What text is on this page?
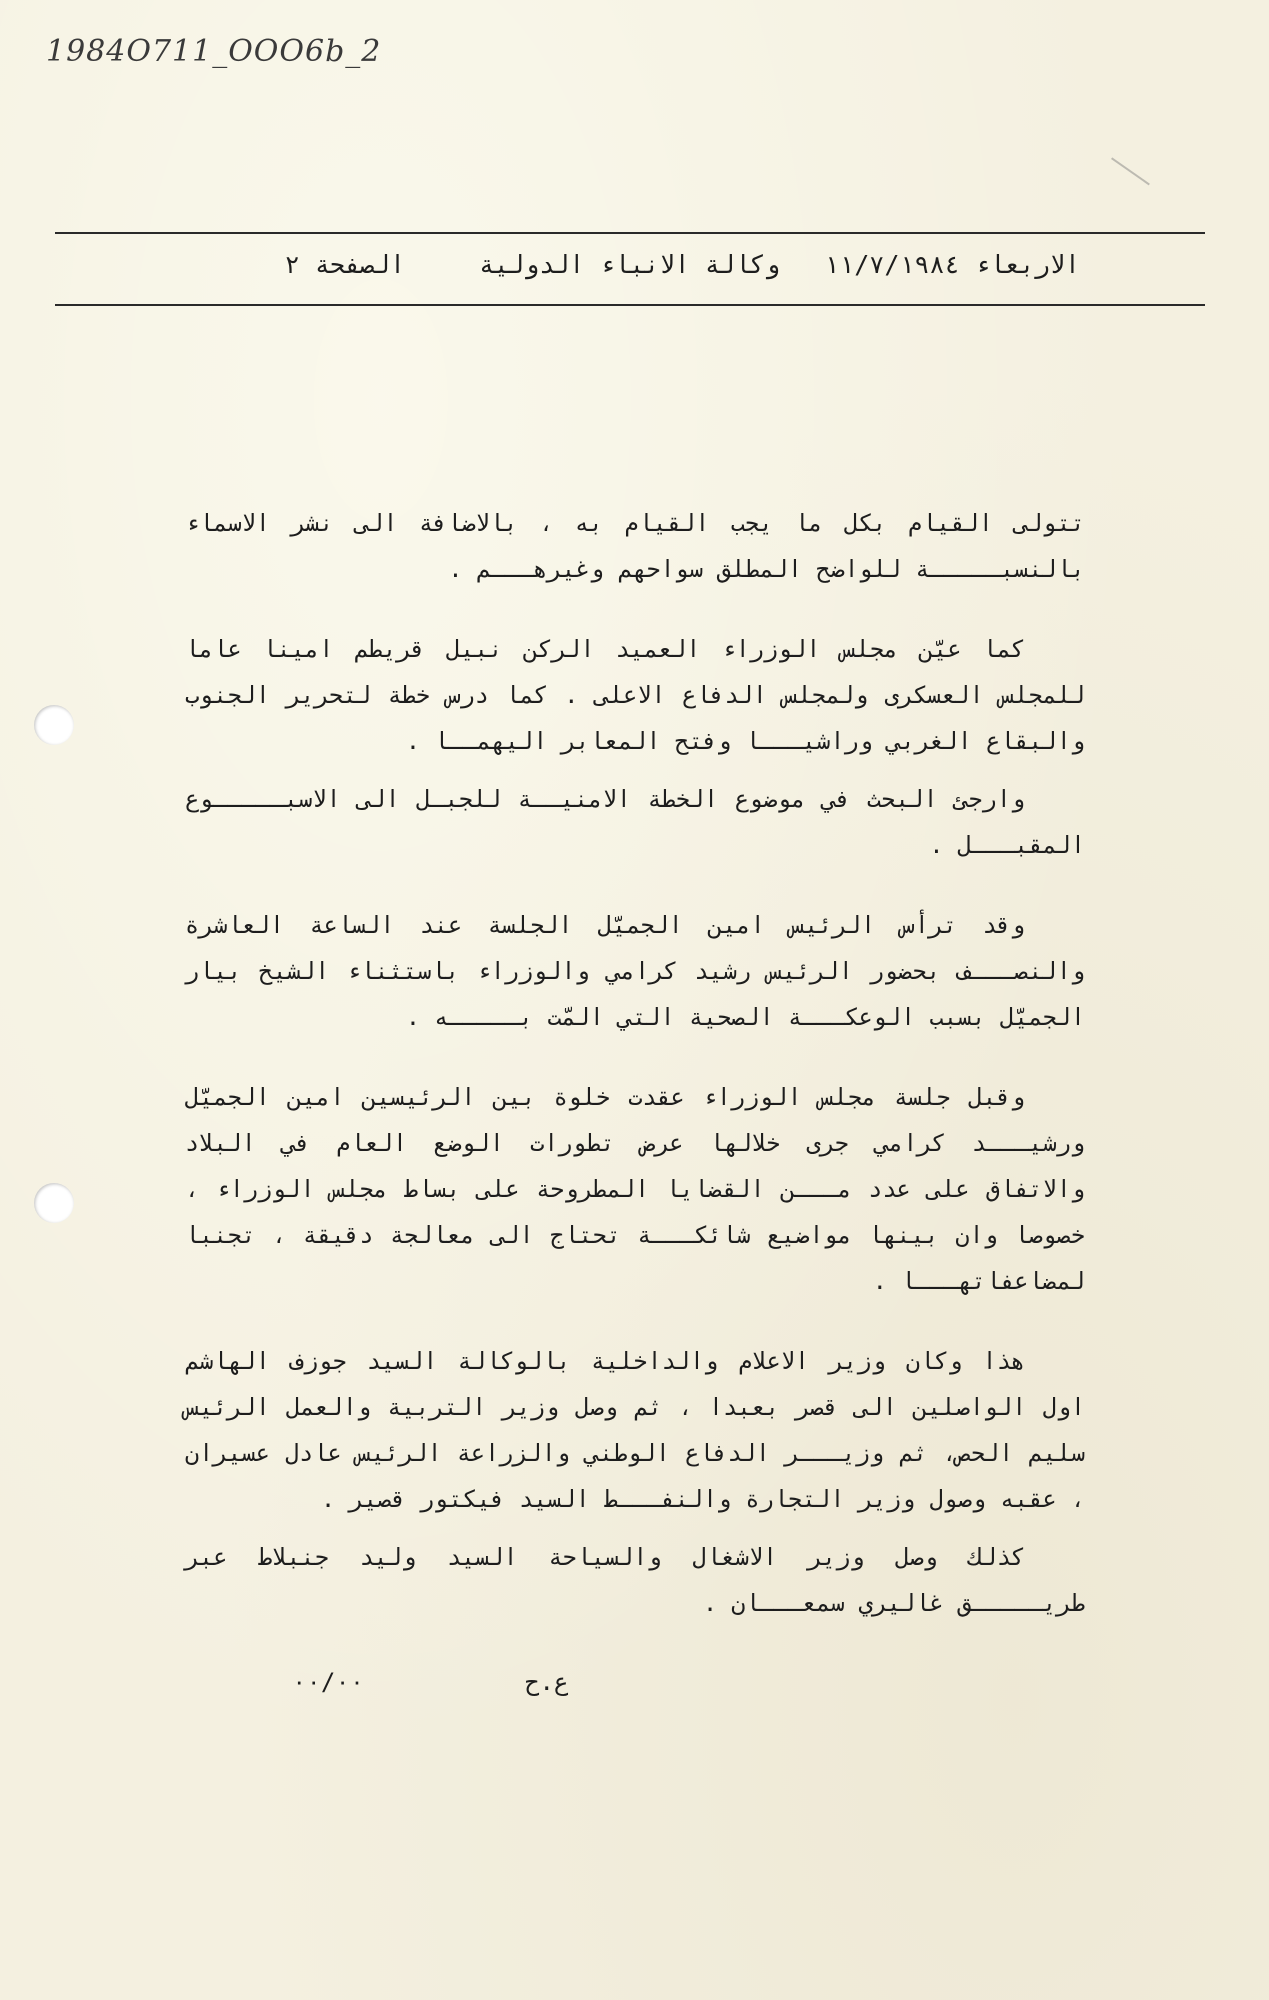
1984O711_OOO6b_2
الاربعاء ١١/٧/١٩٨٤
وكالة الانباء الدولية
الصفحة ٢

تتولى القيام بكل ما يجب القيام به ، بالاضافة الى نشر الاسماء بالنسبـــــة للواضح المطلق سواحهم وغيرهـــم .

كما عيّن مجلس الوزراء العميد الركن نبيل قريطم امينا عاما للمجلس العسكرى ولمجلس الدفاع الاعلى . كما درس خطة لتحرير الجنوب والبقاع الغربي وراشيـــا وفتح المعابر اليهمــا .

وارجئ البحث في موضوع الخطة الامنيــة للجبـل الى الاسبـــــوع المقبـــل .

وقد ترأس الرئيس امين الجميّل الجلسة عند الساعة العاشرة والنصـــف بحضور الرئيس رشيد كرامي والوزراء باستثناء الشيخ بيار الجميّل بسبب الوعكـــة الصحية التي المّت بـــــه .

وقبل جلسة مجلس الوزراء عقدت خلوة بين الرئيسين امين الجميّل ورشيـــد كرامي جرى خلالها عرض تطورات الوضع العام في البلاد والاتفاق على عدد مـــن القضايا المطروحة على بساط مجلس الوزراء ، خصوصا وان بينها مواضيع شائكـــة تحتاج الى معالجة دقيقة ، تجنبا لمضاعفاتهـــا .

هذا وكان وزير الاعلام والداخلية بالوكالة السيد جوزف الهاشم اول الواصلين الى قصر بعبدا ، ثم وصل وزير التربية والعمل الرئيس سليم الحص، ثم وزيـــر الدفاع الوطني والزراعة الرئيس عادل عسيران ، عقبه وصول وزير التجارة والنفـــط السيد فيكتور قصير .

كذلك وصل وزير الاشغال والسياحة السيد وليد جنبلاط عبر طريـــــق غاليري سمعـــان .

ع.ح
٠٠/٠٠
